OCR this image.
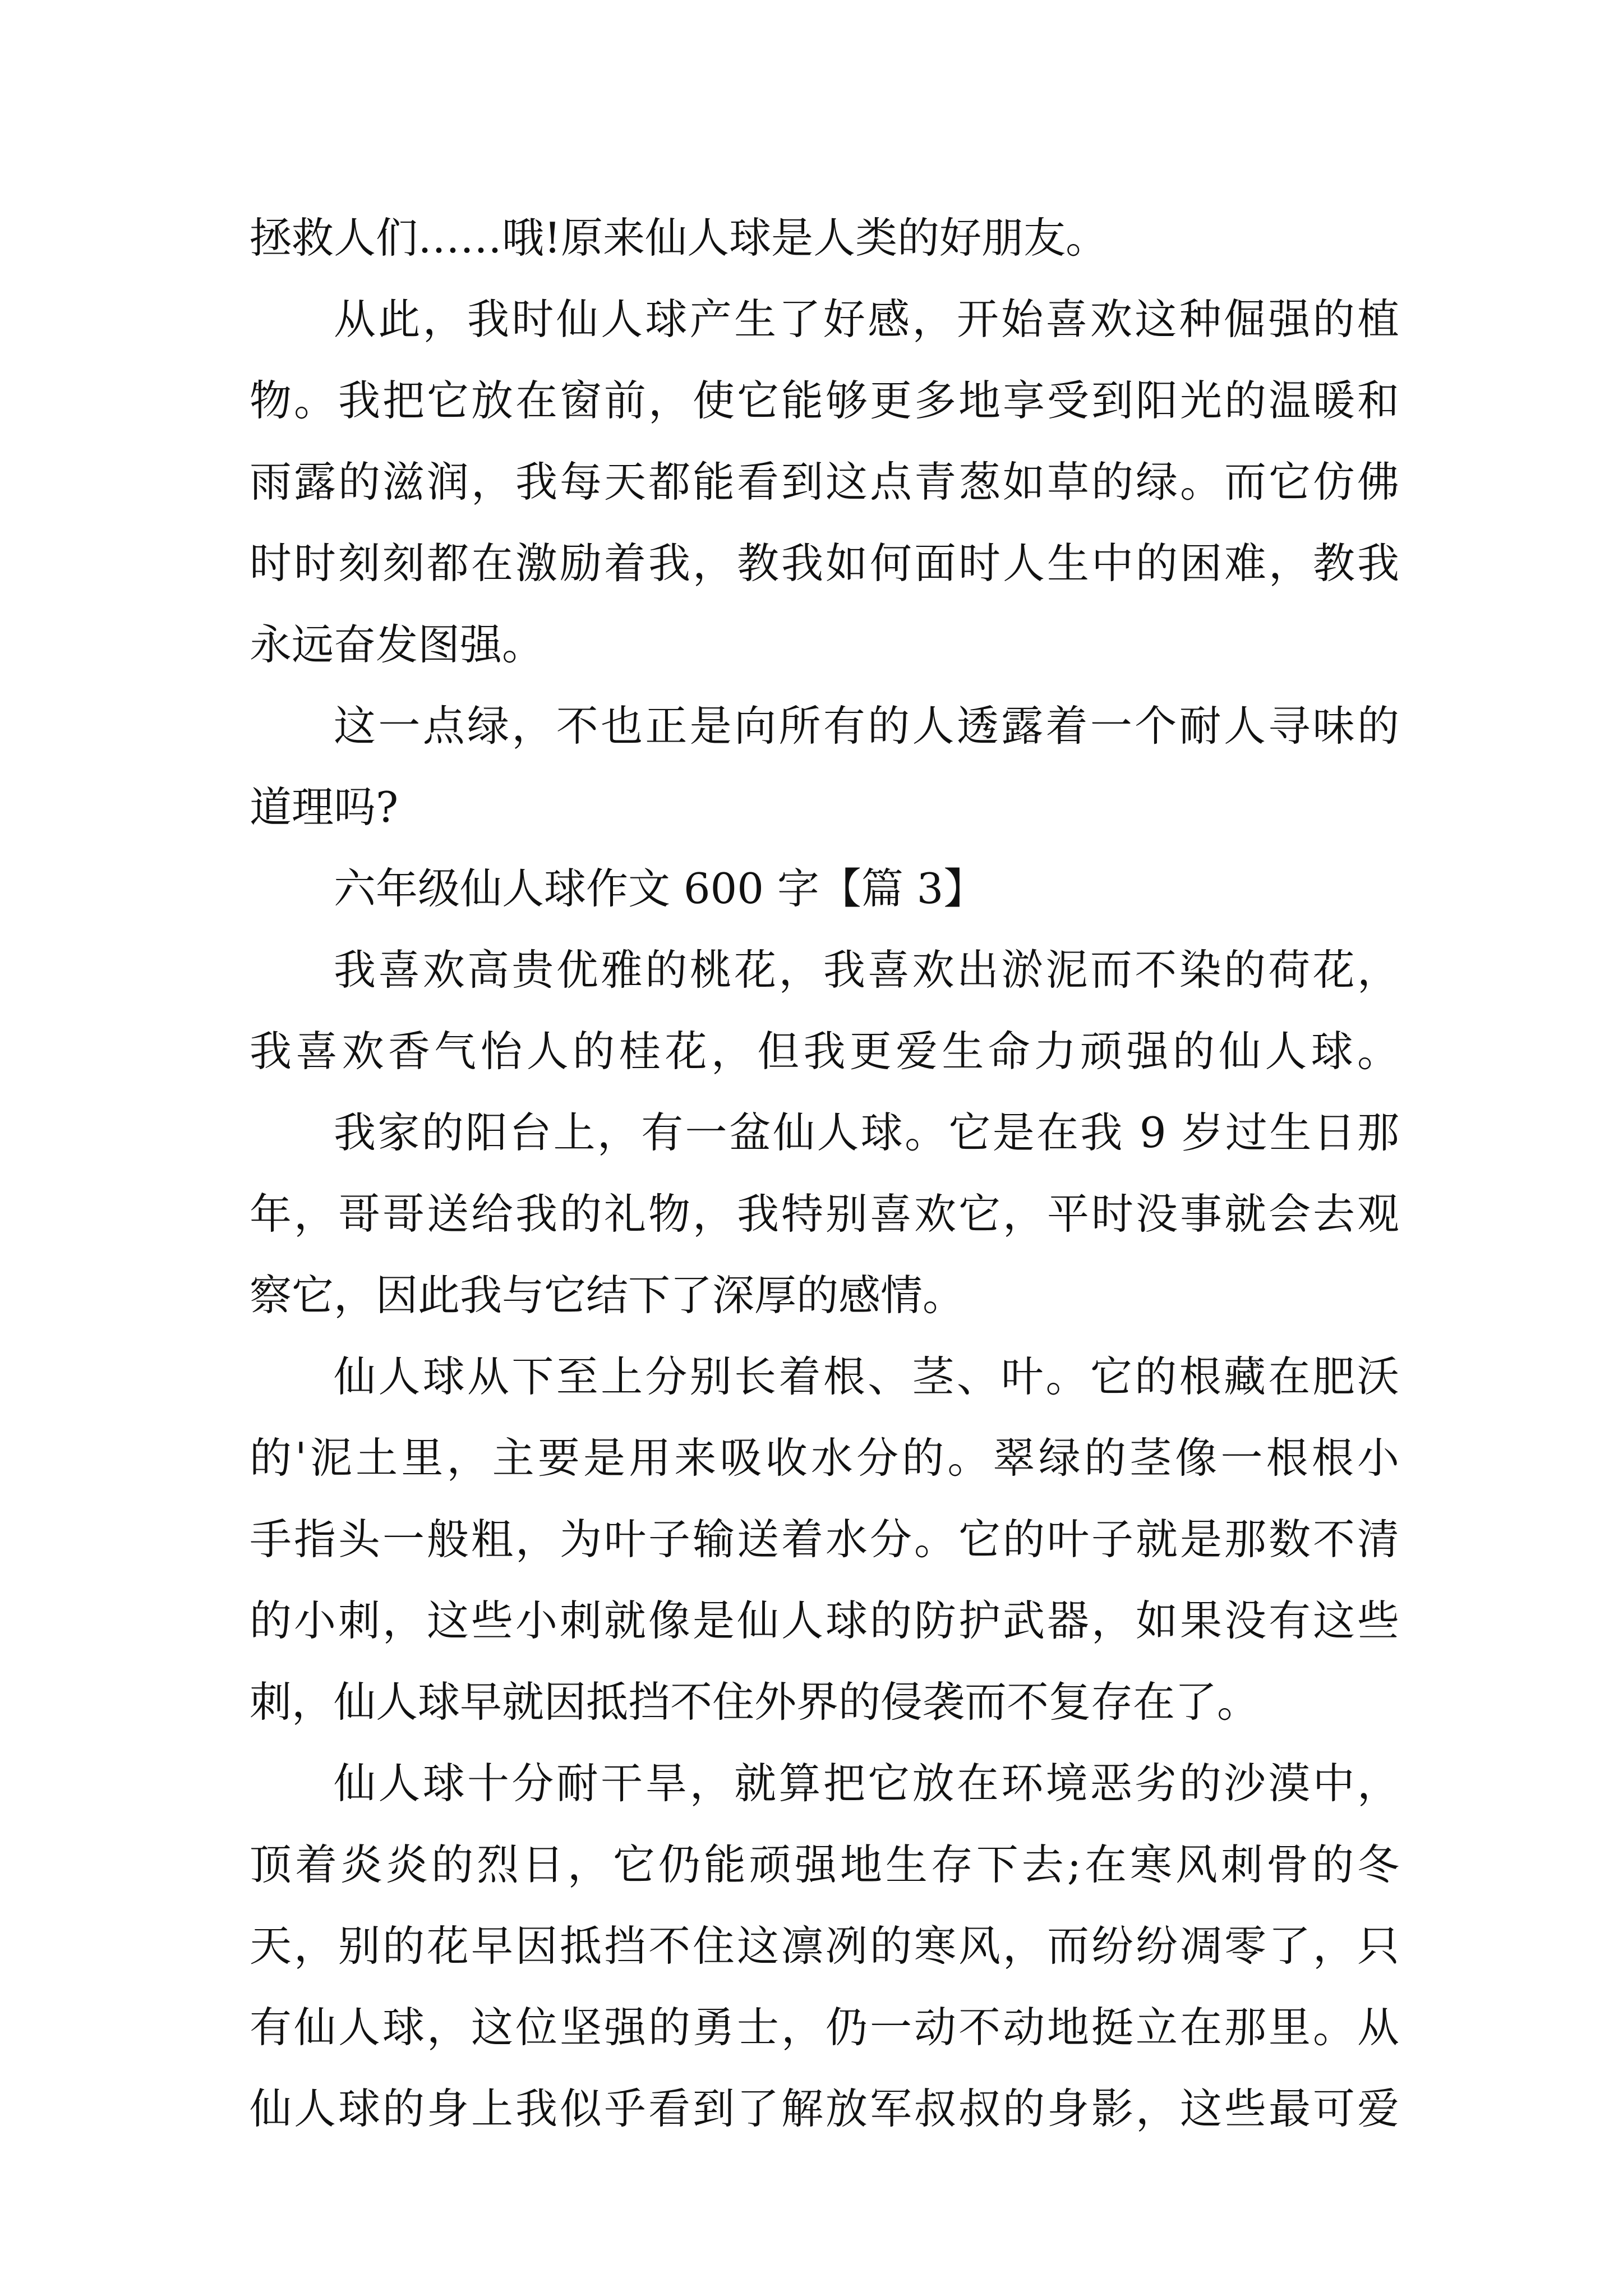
拯救人们……哦!原来仙人球是人类的好朋友。
从此，我时仙人球产生了好感，开始喜欢这种倔强的植
物。我把它放在窗前，使它能够更多地享受到阳光的温暖和
雨露的滋润，我每天都能看到这点青葱如草的绿。而它仿佛
时时刻刻都在激励着我，教我如何面时人生中的困难，教我
永远奋发图强。
这一点绿，不也正是向所有的人透露着一个耐人寻味的
道理吗?
六年级仙人球作文 600 字【篇 3】
我喜欢高贵优雅的桃花，我喜欢出淤泥而不染的荷花，
我喜欢香气怡人的桂花，但我更爱生命力顽强的仙人球。
我家的阳台上，有一盆仙人球。它是在我 9 岁过生日那
年，哥哥送给我的礼物，我特别喜欢它，平时没事就会去观
察它，因此我与它结下了深厚的感情。
仙人球从下至上分别长着根、茎、叶。它的根藏在肥沃
的'泥土里，主要是用来吸收水分的。翠绿的茎像一根根小
手指头一般粗，为叶子输送着水分。它的叶子就是那数不清
的小刺，这些小刺就像是仙人球的防护武器，如果没有这些
刺，仙人球早就因抵挡不住外界的侵袭而不复存在了。
仙人球十分耐干旱，就算把它放在环境恶劣的沙漠中，
顶着炎炎的烈日，它仍能顽强地生存下去;在寒风刺骨的冬
天，别的花早因抵挡不住这凛冽的寒风，而纷纷凋零了，只
有仙人球，这位坚强的勇士，仍一动不动地挺立在那里。从
仙人球的身上我似乎看到了解放军叔叔的身影，这些最可爱
